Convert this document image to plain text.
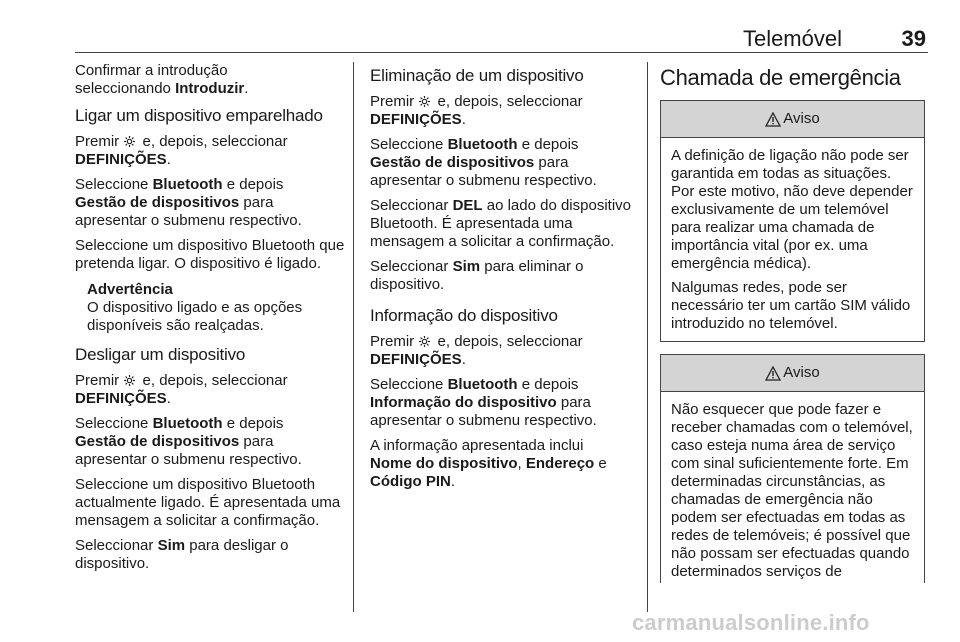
Telemóvel	39

Confirmar a introdução
seleccionando Introduzir.

Ligar um dispositivo emparelhado

Premir e, depois, seleccionar
DEFINIÇÕES.

Seleccione Bluetooth e depois
Gestão de dispositivos para
apresentar o submenu respectivo.

Seleccione um dispositivo Bluetooth que pretenda ligar. O dispositivo é ligado.

Advertência
O dispositivo ligado e as opções disponíveis são realçadas.
Desligar um dispositivo

Premir e, depois, seleccionar
DEFINIÇÕES.

Seleccione Bluetooth e depois
Gestão de dispositivos para
apresentar o submenu respectivo.

Seleccione um dispositivo Bluetooth actualmente ligado. É apresentada uma mensagem a solicitar a confirmação.

Seleccionar Sim para desligar o dispositivo.

Eliminação de um dispositivo

Premir e, depois, seleccionar
DEFINIÇÕES.

Seleccione Bluetooth e depois
Gestão de dispositivos para
apresentar o submenu respectivo.

Seleccionar DEL ao lado do dispositivo Bluetooth. É apresentada uma mensagem a solicitar a confirmação.

Seleccionar Sim para eliminar o dispositivo.

Informação do dispositivo

Premir e, depois, seleccionar
DEFINIÇÕES.

Seleccione Bluetooth e depois
Informação do dispositivo para
apresentar o submenu respectivo.

A informação apresentada inclui
Nome do dispositivo, Endereço e
Código PIN.

Chamada de emergência
Aviso

A definição de ligação não pode ser garantida em todas as situações. Por este motivo, não deve depender exclusivamente de um telemóvel para realizar uma chamada de importância vital (por ex. uma emergência médica).

Nalgumas redes, pode ser necessário ter um cartão SIM válido introduzido no telemóvel.

Aviso

Não esquecer que pode fazer e receber chamadas com o telemóvel, caso esteja numa área de serviço com sinal suficientemente forte. Em determinadas circunstâncias, as chamadas de emergência não podem ser efectuadas em todas as redes de telemóveis; é possível que não possam ser efectuadas quando determinados serviços de

carmanualsonline.info
